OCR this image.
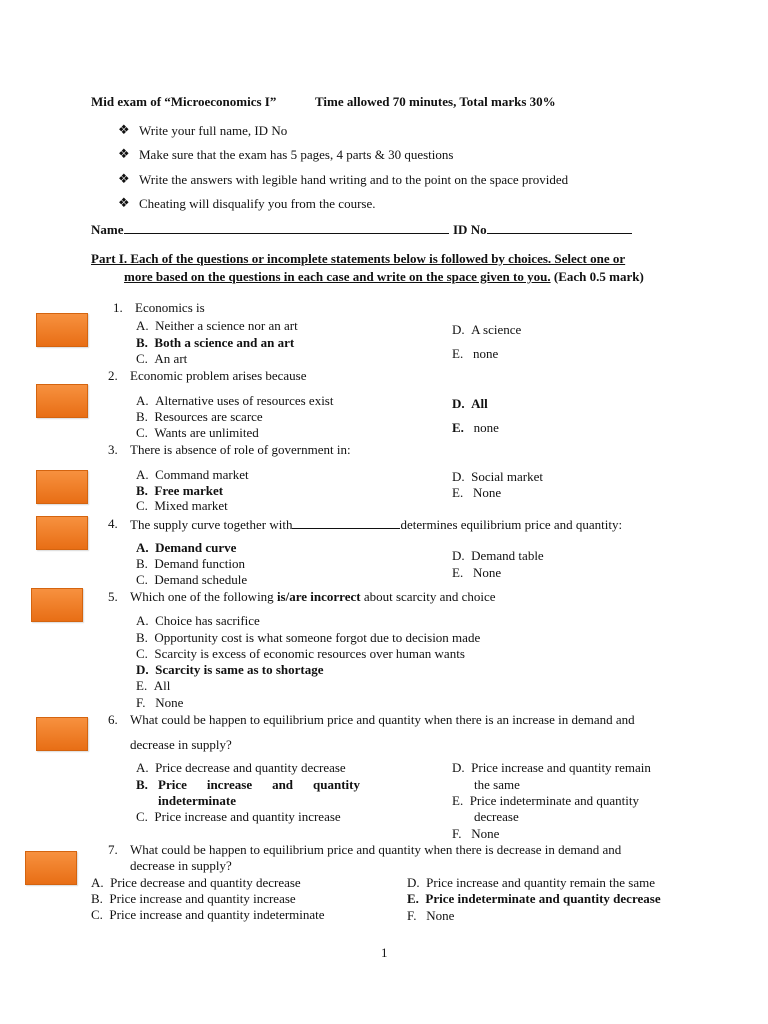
Mid exam of “Microeconomics I”	Time allowed 70 minutes, Total marks 30%
❖ Write your full name, ID No
❖ Make sure that the exam has 5 pages, 4 parts & 30 questions
❖ Write the answers with legible hand writing and to the point on the space provided
❖ Cheating will disqualify you from the course.
Name	ID No
Part I. Each of the questions or incomplete statements below is followed by choices. Select one or
more based on the questions in each case and write on the space given to you. (Each 0.5 mark)
1. Economics is
A. Neither a science nor an art
B. Both a science and an art
C. An art
D. A science
E. none
2. Economic problem arises because
A. Alternative uses of resources exist
B. Resources are scarce
C. Wants are unlimited
D. All
E. none
3. There is absence of role of government in:
A. Command market
B. Free market
C. Mixed market
D. Social market
E. None
4. The supply curve together with	determines equilibrium price and quantity:
A. Demand curve
B. Demand function
C. Demand schedule
D. Demand table
E. None
5. Which one of the following is/are incorrect about scarcity and choice
A. Choice has sacrifice
B. Opportunity cost is what someone forgot due to decision made
C. Scarcity is excess of economic resources over human wants
D. Scarcity is same as to shortage
E. All
F. None
6. What could be happen to equilibrium price and quantity when there is an increase in demand and
decrease in supply?
A. Price decrease and quantity decrease
B. Price increase and quantity
indeterminate
C. Price increase and quantity increase
D. Price increase and quantity remain
the same
E. Price indeterminate and quantity
decrease
F. None
7. What could be happen to equilibrium price and quantity when there is decrease in demand and
decrease in supply?
A. Price decrease and quantity decrease
B. Price increase and quantity increase
C. Price increase and quantity indeterminate
D. Price increase and quantity remain the same
E. Price indeterminate and quantity decrease
F. None
1
